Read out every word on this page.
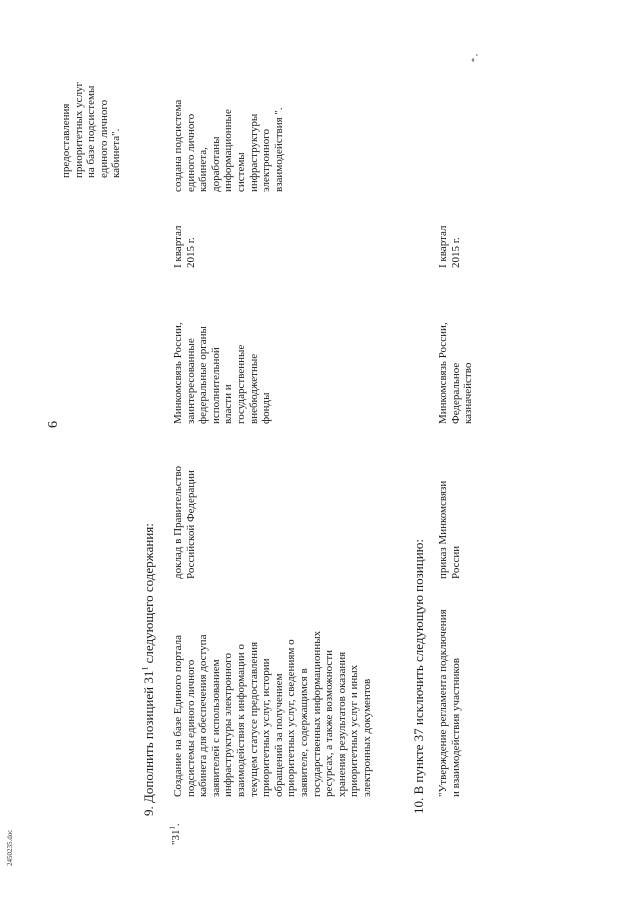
6
9. Дополнить позицией $31^1$ следующего содержания:
"$31^1$.
Создание на базе Единого портала
подсистемы единого личного
кабинета для обеспечения доступа
заявителей с использованием
инфраструктуры электронного
взаимодействия к информации о
текущем статусе предоставления
приоритетных услуг, истории
обращений за получением
приоритетных услуг, сведениям о
заявителе, содержащимся в
государственных информационных
ресурсах, а также возможности
хранения результатов оказания
приоритетных услуг и иных
электронных документов
доклад в Правительство
Российской Федерации
Минкомсвязь России,
заинтересованные
федеральные органы
исполнительной
власти и
государственные
внебюджетные
фонды
I квартал
2015 г.
создана подсистема
единого личного
кабинета,
доработаны
информационные
системы
инфраструктуры
электронного
взаимодействия ".
10. В пункте 37 исключить следующую позицию: "Утверждение регламента подключения
и взаимодействия участников
приказ Минкомсвязи
России
Минкомсвязь России,
Федеральное
казначейство
I квартал
2015 г.
предоставления
приоритетных услуг
на базе подсистемы
единого личного
кабинета".
* ,
2450235.doc
